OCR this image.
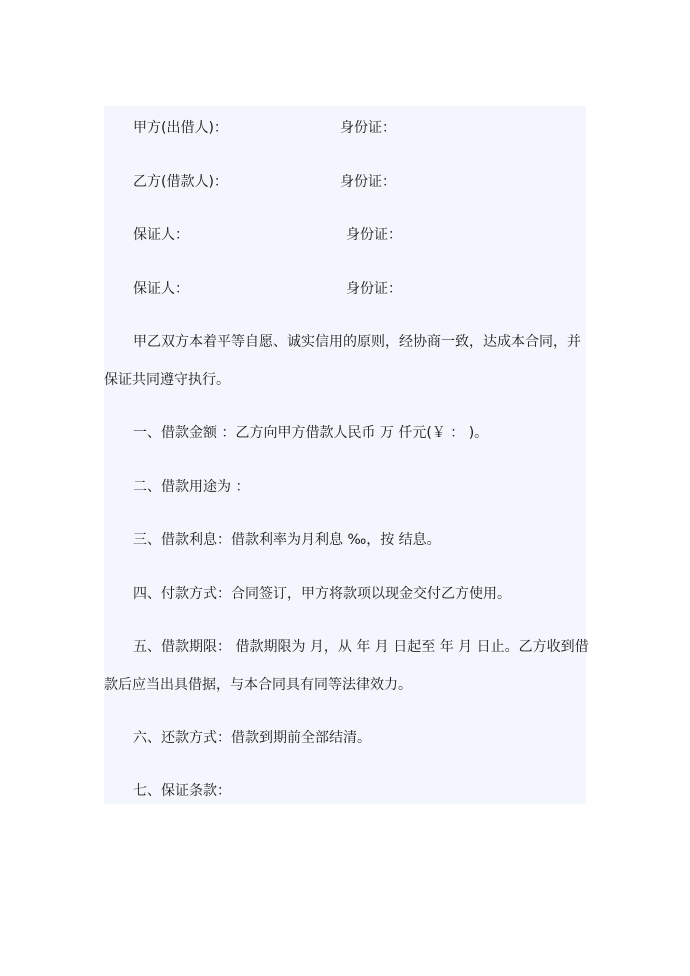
甲方(出借人)：	身份证：
乙方(借款人)：	身份证：
保证人：	身份证：
保证人：	身份证：
甲乙双方本着平等自愿、诚实信用的原则，经协商一致，达成本合同，并
保证共同遵守执行。
一、借款金额 ：乙方向甲方借款人民币 万 仟元(￥ ： )。
二、借款用途为 ：
三、借款利息：借款利率为月利息 ‰，按 结息。
四、付款方式：合同签订，甲方将款项以现金交付乙方使用。
五、借款期限： 借款期限为 月，从 年 月 日起至 年 月 日止。乙方收到借
款后应当出具借据，与本合同具有同等法律效力。
六、还款方式：借款到期前全部结清。
七、保证条款：
